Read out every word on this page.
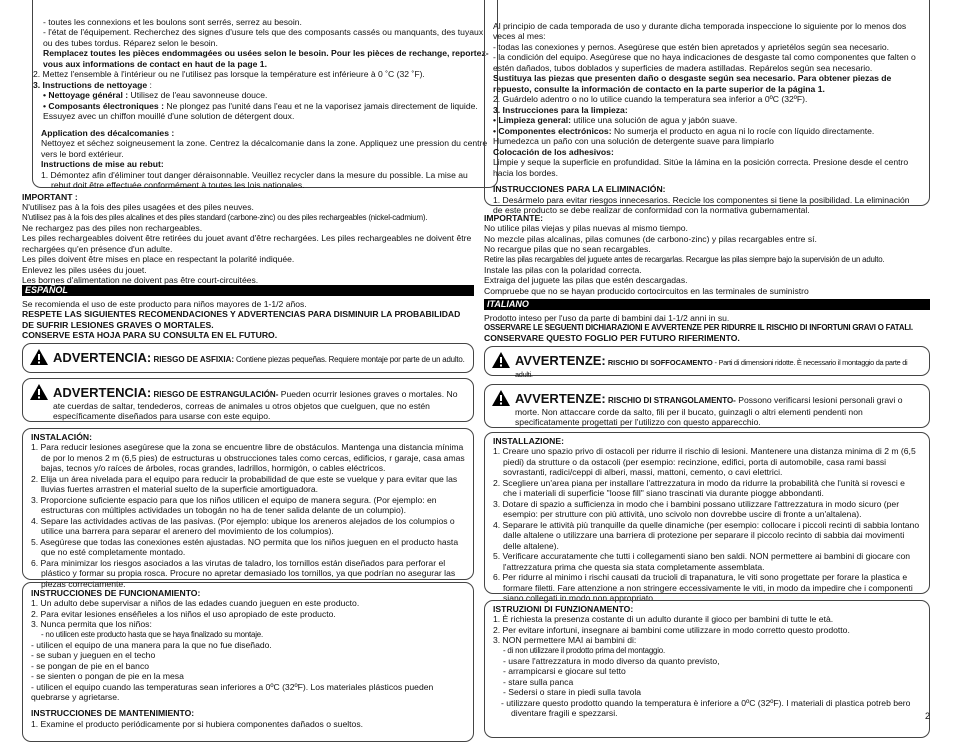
- toutes les connexions et les boulons sont serrés, serrez au besoin.

- l'état de l'équipement. Recherchez des signes d'usure tels que des composants cassés ou manquants, des tuyaux ou des tubes tordus. Réparez selon le besoin.

Remplacez toutes les pièces endommagées ou usées selon le besoin. Pour les pièces de rechange, reportez-vous aux informations de contact en haut de la page 1.

2. Mettez l'ensemble à l'intérieur ou ne l'utilisez pas lorsque la température est inférieure à 0 ˚C (32 ˚F).

3. Instructions de nettoyage :

• Nettoyage général : Utilisez de l'eau savonneuse douce.

• Composants électroniques : Ne plongez pas l'unité dans l'eau et ne la vaporisez jamais directement de liquide. Essuyez avec un chiffon mouillé d'une solution de détergent doux.

Application des décalcomanies :

Nettoyez et séchez soigneusement la zone. Centrez la décalcomanie dans la zone. Appliquez une pression du centre vers le bord extérieur.

Instructions de mise au rebut:

1. Démontez afin d'éliminer tout danger déraisonnable. Veuillez recycler dans la mesure du possible. La mise au rebut doit être effectuée conformément à toutes les lois nationales.

IMPORTANT :

N'utilisez pas à la fois des piles usagées et des piles neuves.

N'utilisez pas à la fois des piles alcalines et des piles standard (carbone-zinc) ou des piles rechargeables (nickel-cadmium).

Ne rechargez pas des piles non rechargeables.

Les piles rechargeables doivent être retirées du jouet avant d'être rechargées. Les piles rechargeables ne doivent être rechargées qu'en présence d'un adulte.

Les piles doivent être mises en place en respectant la polarité indiquée.

Enlevez les piles usées du jouet.

Les bornes d'alimentation ne doivent pas être court-circuitées.

ESPAÑOL

Se recomienda el uso de este producto para niños mayores de 1-1/2 años.

RESPETE LAS SIGUIENTES RECOMENDACIONES Y ADVERTENCIAS PARA DISMINUIR LA PROBABILIDAD DE SUFRIR LESIONES GRAVES O MORTALES.

CONSERVE ESTA HOJA PARA SU CONSULTA EN EL FUTURO.

ADVERTENCIA: RIESGO DE ASFIXIA: Contiene piezas pequeñas. Requiere montaje por parte de un adulto.

ADVERTENCIA: RIESGO DE ESTRANGULACIÓN- Pueden ocurrir lesiones graves o mortales. No ate cuerdas de saltar, tendederos, correas de animales u otros objetos que cuelguen, que no estén específicamente diseñados para usarse con este equipo.

INSTALACIÓN:

1. Para reducir lesiones asegúrese que la zona se encuentre libre de obstáculos. Mantenga una distancia mínima de por lo menos 2 m (6,5 pies) de estructuras u obstrucciones tales como cercas, edificios, r garaje, casa amas bajas, tecnos y/o raíces de árboles, rocas grandes, ladrillos, hormigón, o cables eléctricos.

2. Elija un área nivelada para el equipo para reducir la probabilidad de que este se vuelque y para evitar que las lluvias fuertes arrastren el material suelto de la superficie amortiguadora.

3. Proporcione suficiente espacio para que los niños utilicen el equipo de manera segura. (Por ejemplo: en estructuras con múltiples actividades un tobogán no ha de tener salida delante de un columpio).

4. Separe las actividades activas de las pasivas. (Por ejemplo: ubique los areneros alejados de los columpios o utilice una barrera para separar el arenero del movimiento de los columpios).

5. Asegúrese que todas las conexiones estén ajustadas. NO permita que los niños jueguen en el producto hasta que no esté completamente montado.

6. Para minimizar los riesgos asociados a las virutas de taladro, los tornillos están diseñados para perforar el plástico y formar su propia rosca. Procure no apretar demasiado los tornillos, ya que podrían no asegurar las piezas correctamente.

INSTRUCCIONES DE FUNCIONAMIENTO:

1. Un adulto debe supervisar a niños de las edades cuando jueguen en este producto.

2. Para evitar lesiones enséñeles a los niños el uso apropiado de este producto.

3. Nunca permita que los niños:

- no utilicen este producto hasta que se haya finalizado su montaje.

- utilicen el equipo de una manera para la que no fue diseñado.

- se suban y jueguen en el techo

- se pongan de pie en el banco

- se sienten o pongan de pie en la mesa

- utilicen el equipo cuando las temperaturas sean inferiores a 0ºC (32ºF). Los materiales plásticos pueden quebrarse y agrietarse.

INSTRUCCIONES DE MANTENIMIENTO:

1. Examine el producto periódicamente por si hubiera componentes dañados o sueltos.

Al principio de cada temporada de uso y durante dicha temporada inspeccione lo siguiente por lo menos dos veces al mes:

- todas las conexiones y pernos. Asegúrese que estén bien apretados y aprietélos según sea necesario.

- la condición del equipo. Asegúrese que no haya indicaciones de desgaste tal como componentes que falten o estén dañados, tubos doblados y superficies de madera astilladas. Repárelos según sea necesario.

Sustituya las piezas que presenten daño o desgaste según sea necesario. Para obtener piezas de repuesto, consulte la información de contacto en la parte superior de la página 1.

2. Guárdelo adentro o no lo utilice cuando la temperatura sea inferior a 0ºC (32ºF).

3. Instrucciones para la limpieza:

• Limpieza general: utilice una solución de agua y jabón suave.

• Componentes electrónicos: No sumerja el producto en agua ni lo rocíe con líquido directamente. Humedezca un paño con una solución de detergente suave para limpiarlo

Colocación de los adhesivos:

Limpie y seque la superficie en profundidad. Sitúe la lámina en la posición correcta. Presione desde el centro hacia los bordes.

INSTRUCCIONES PARA LA ELIMINACIÓN:

1. Desármelo para evitar riesgos innecesarios. Recicle los componentes si tiene la posibilidad. La eliminación de este producto se debe realizar de conformidad con la normativa gubernamental.

IMPORTANTE:

No utilice pilas viejas y pilas nuevas al mismo tiempo.

No mezcle pilas alcalinas, pilas comunes (de carbono-zinc) y pilas recargables entre sí.

No recargue pilas que no sean recargables.

Retire las pilas recargables del juguete antes de recargarlas. Recargue las pilas siempre bajo la supervisión de un adulto.

Instale las pilas con la polaridad correcta.

Extraiga del juguete las pilas que estén descargadas.

Compruebe que no se hayan producido cortocircuitos en las terminales de suministro

ITALIANO

Prodotto inteso per l'uso da parte di bambini dai 1-1/2 anni in su.

OSSERVARE LE SEGUENTI DICHIARAZIONI E AVVERTENZE PER RIDURRE IL RISCHIO DI INFORTUNI GRAVI O FATALI.

CONSERVARE QUESTO FOGLIO PER FUTURO RIFERIMENTO.

AVVERTENZE: RISCHIO DI SOFFOCAMENTO - Parti di dimensioni ridotte. È necessario il montaggio da parte di adulti.

AVVERTENZE: RISCHIO DI STRANGOLAMENTO- Possono verificarsi lesioni personali gravi o morte. Non attaccare corde da salto, fili per il bucato, guinzagli o altri elementi pendenti non specificatamente progettati per l'utilizzo con questo apparecchio.

INSTALLAZIONE:

1. Creare uno spazio privo di ostacoli per ridurre il rischio di lesioni. Mantenere una distanza minima di 2 m (6,5 piedi) da strutture o da ostacoli (per esempio: recinzione, edifici, porta di automobile, casa rami bassi sovrastanti, radici/ceppi di alberi, massi, mattoni, cemento, o cavi elettrici.

2. Scegliere un'area piana per installare l'attrezzatura in modo da ridurre la probabilità che l'unità si rovesci e che i materiali di superficie "loose fill" siano trascinati via durante piogge abbondanti.

3. Dotare di spazio a sufficienza in modo che i bambini possano utilizzare l'attrezzatura in modo sicuro (per esempio: per strutture con più attività, uno scivolo non dovrebbe uscire di fronte a un'altalena).

4. Separare le attività più tranquille da quelle dinamiche (per esempio: collocare i piccoli recinti di sabbia lontano dalle altalene o utilizzare una barriera di protezione per separare il piccolo recinto di sabbia dai movimenti delle altalene).

5. Verificare accuratamente che tutti i collegamenti siano ben saldi. NON permettere ai bambini di giocare con l'attrezzatura prima che questa sia stata completamente assemblata.

6. Per ridurre al minimo i rischi causati da trucioli di trapanatura, le viti sono progettate per forare la plastica e formare filetti. Fare attenzione a non stringere eccessivamente le viti, in modo da impedire che i componenti siano collegati in modo non appropriato.

ISTRUZIONI DI FUNZIONAMENTO:

1. È richiesta la presenza costante di un adulto durante il gioco per bambini di tutte le età.

2. Per evitare infortuni, insegnare ai bambini come utilizzare in modo corretto questo prodotto.

3. NON permettere MAI ai bambini di:

- di non utilizzare il prodotto prima del montaggio.

- usare l'attrezzatura in modo diverso da quanto previsto,

- arrampicarsi e giocare sul tetto

- stare sulla panca

- Sedersi o stare in piedi sulla tavola

- utilizzare questo prodotto quando la temperatura è inferiore a 0ºC (32ºF). I materiali di plastica potreb bero diventare fragili e spezzarsi.	2
